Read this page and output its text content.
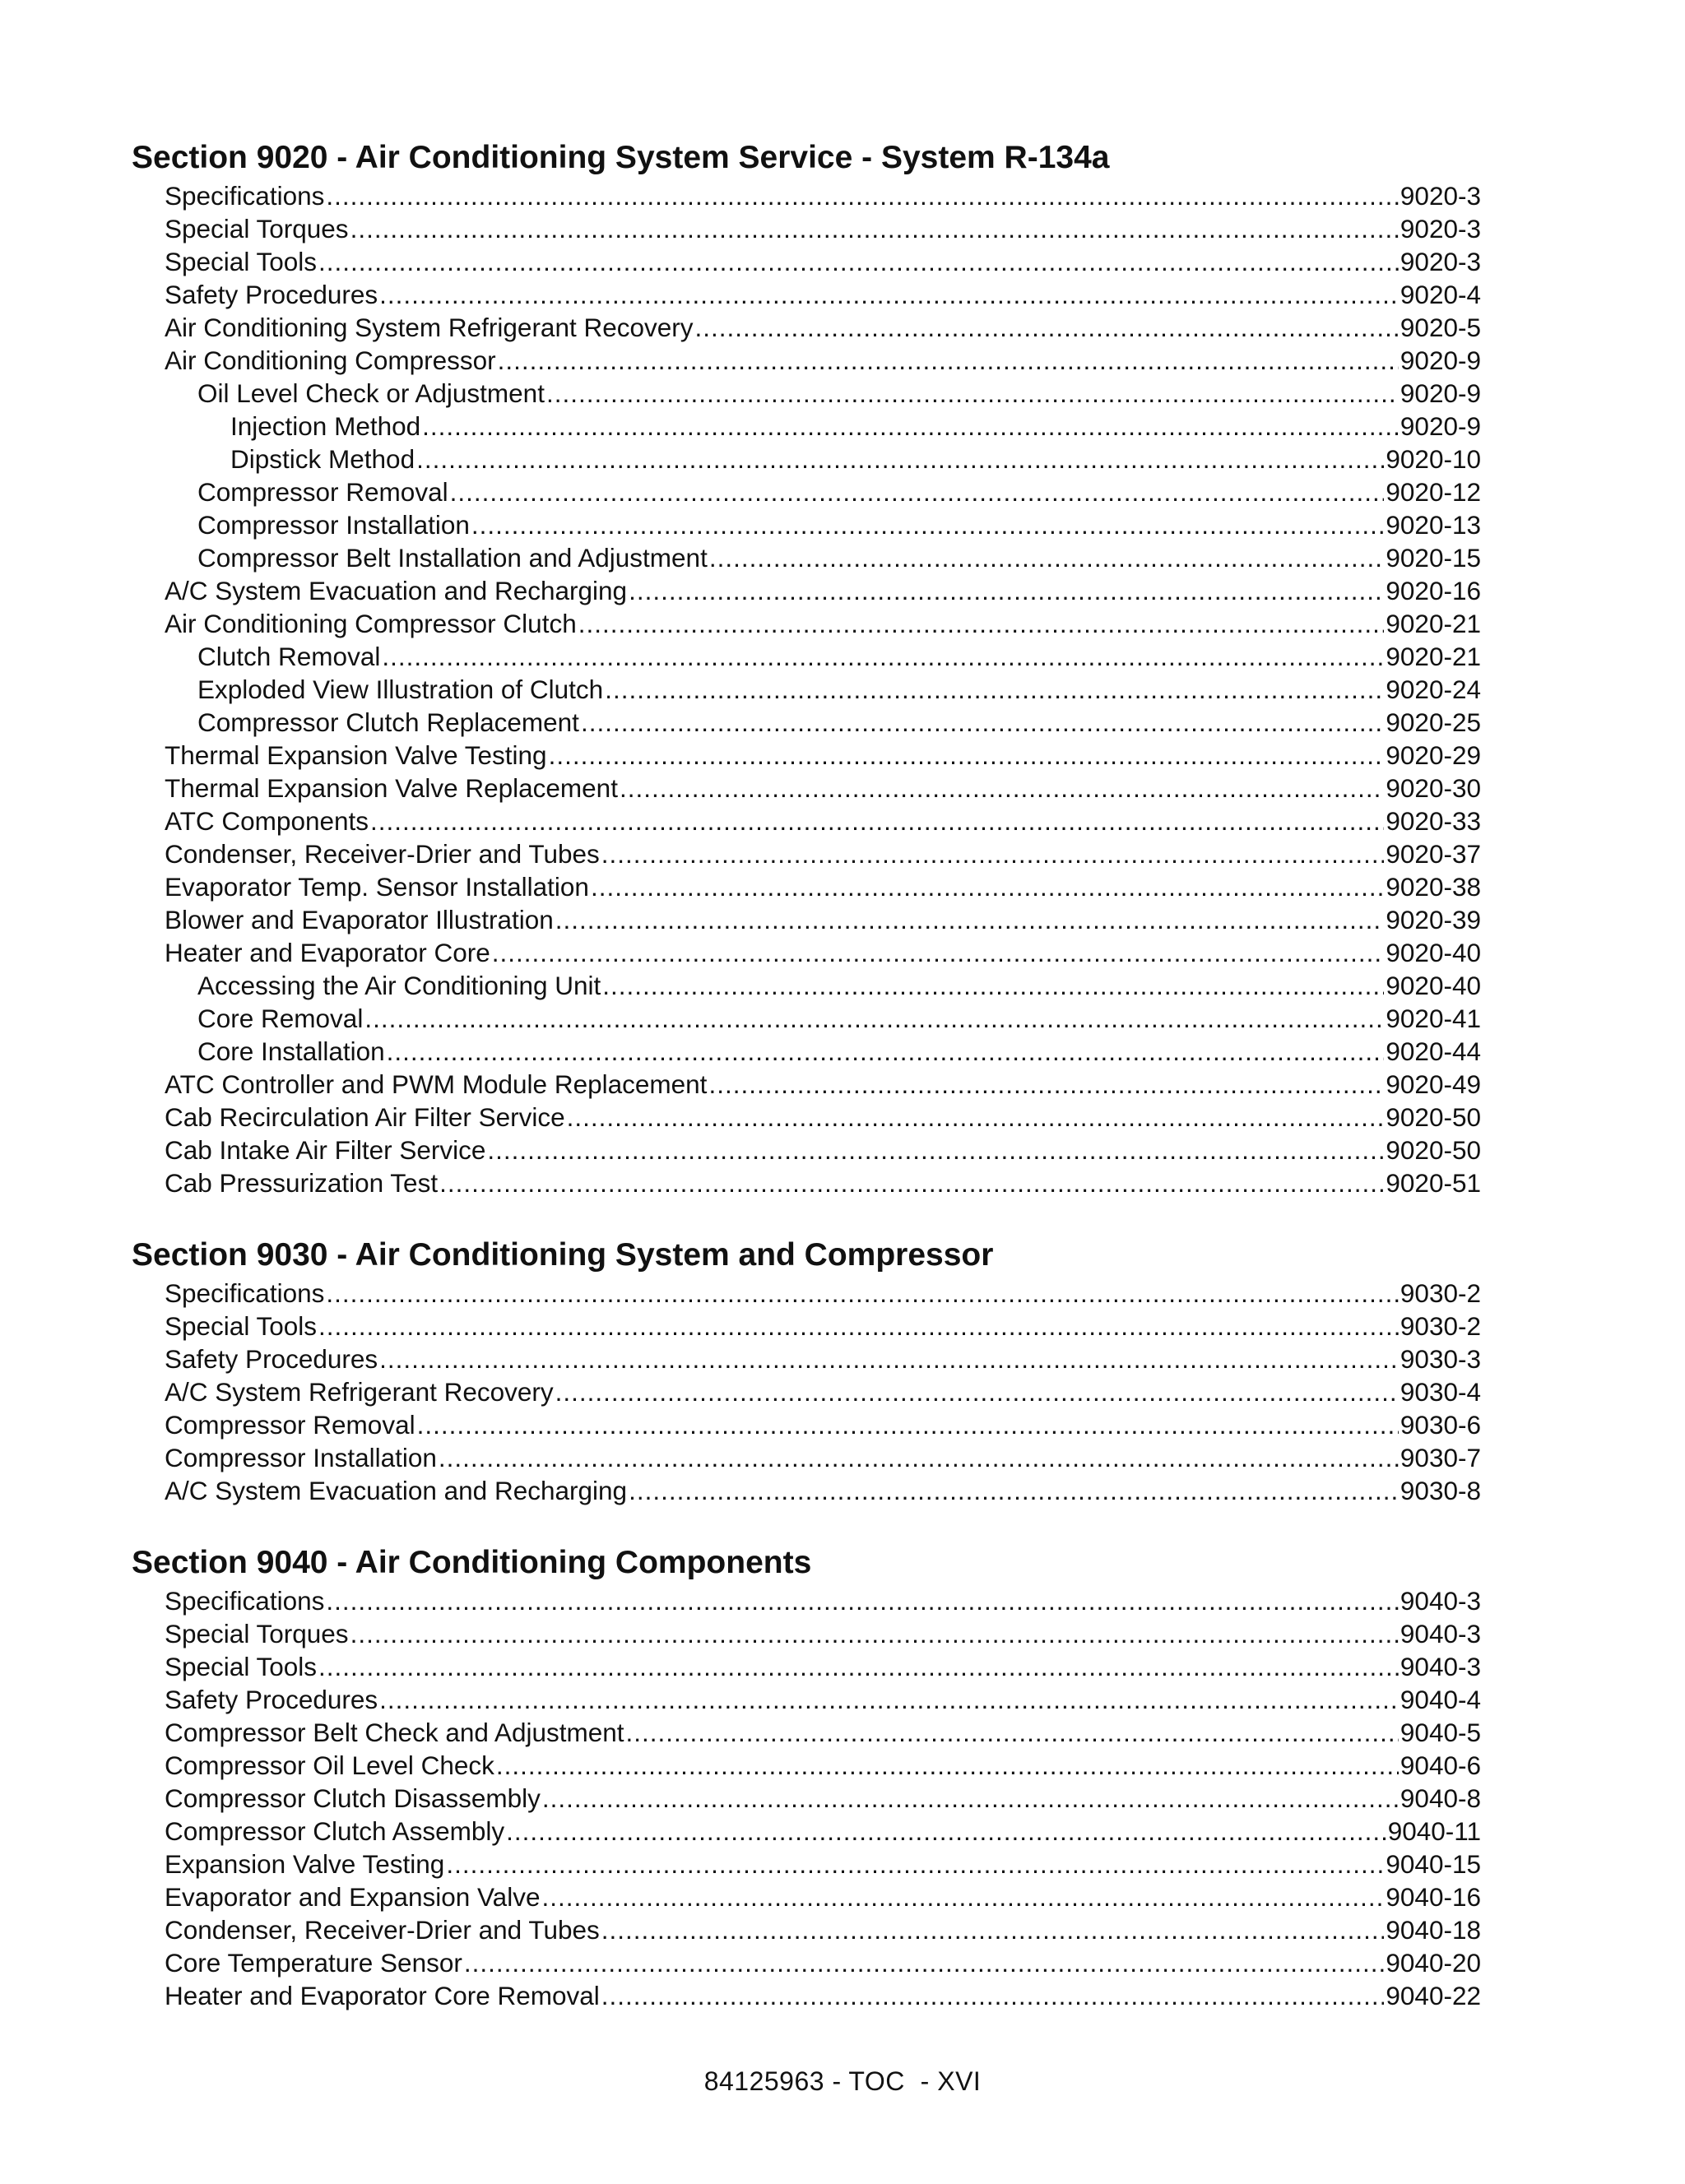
Section 9020 - Air Conditioning System Service - System R-134a
Specifications .....	9020-3
Special Torques .....	9020-3
Special Tools .....	9020-3
Safety Procedures .....	9020-4
Air Conditioning System Refrigerant Recovery .....	9020-5
Air Conditioning Compressor .....	9020-9
Oil Level Check or Adjustment .....	9020-9
Injection Method .....	9020-9
Dipstick Method .....	9020-10
Compressor Removal .....	9020-12
Compressor Installation .....	9020-13
Compressor Belt Installation and Adjustment .....	9020-15
A/C System Evacuation and Recharging .....	9020-16
Air Conditioning Compressor Clutch .....	9020-21
Clutch Removal .....	9020-21
Exploded View Illustration of Clutch .....	9020-24
Compressor Clutch Replacement .....	9020-25
Thermal Expansion Valve Testing .....	9020-29
Thermal Expansion Valve Replacement .....	9020-30
ATC Components .....	9020-33
Condenser, Receiver-Drier and Tubes .....	9020-37
Evaporator Temp. Sensor Installation .....	9020-38
Blower and Evaporator Illustration .....	9020-39
Heater and Evaporator Core .....	9020-40
Accessing the Air Conditioning Unit .....	9020-40
Core Removal .....	9020-41
Core Installation .....	9020-44
ATC Controller and PWM Module Replacement .....	9020-49
Cab Recirculation Air Filter Service .....	9020-50
Cab Intake Air Filter Service .....	9020-50
Cab Pressurization Test .....	9020-51
Section 9030 - Air Conditioning System and Compressor
Specifications .....	9030-2
Special Tools .....	9030-2
Safety Procedures .....	9030-3
A/C System Refrigerant Recovery .....	9030-4
Compressor Removal .....	9030-6
Compressor Installation .....	9030-7
A/C System Evacuation and Recharging .....	9030-8
Section 9040 - Air Conditioning Components
Specifications .....	9040-3
Special Torques .....	9040-3
Special Tools .....	9040-3
Safety Procedures .....	9040-4
Compressor Belt Check and Adjustment .....	9040-5
Compressor Oil Level Check .....	9040-6
Compressor Clutch Disassembly .....	9040-8
Compressor Clutch Assembly .....	9040-11
Expansion Valve Testing .....	9040-15
Evaporator and Expansion Valve .....	9040-16
Condenser, Receiver-Drier and Tubes .....	9040-18
Core Temperature Sensor .....	9040-20
Heater and Evaporator Core Removal .....	9040-22
84125963 - TOC  - XVI
